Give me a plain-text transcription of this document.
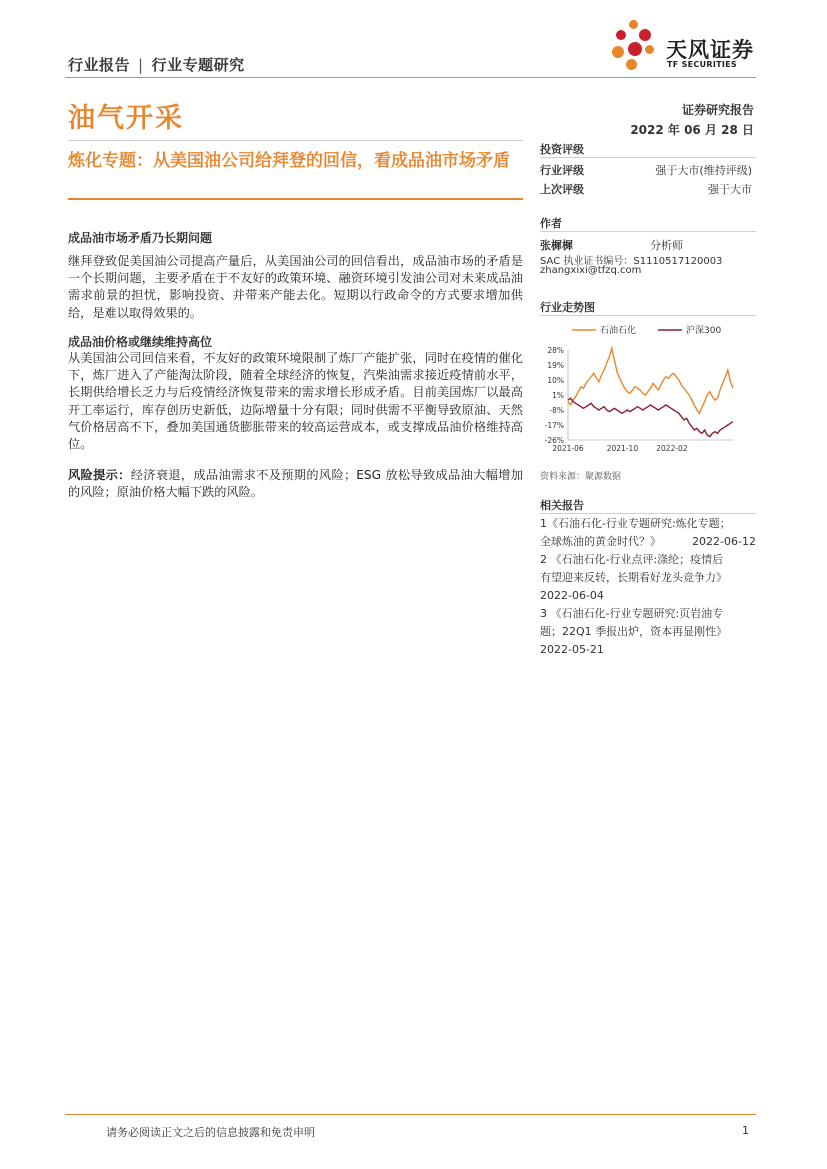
行业报告 | 行业专题研究
天风证券
TF SECURITIES
油气开采	证券研究报告
2022 年 06 月 28 日
炼化专题：从美国油公司给拜登的回信，看成品油市场矛盾
投资评级
行业评级	强于大市(维持评级)
上次评级	强于大市
作者
张樨樨	分析师
SAC 执业证书编号：S1110517120003
zhangxixi@tfzq.com
行业走势图
石油石化	沪深300
28%
19%
10%
1%
-8%
-17%
-26%
2021-06	2021-10 2022-02
资料来源：聚源数据
相关报告
1《石油石化-行业专题研究:炼化专题；
全球炼油的黄金时代？》	2022-06-12
2 《石油石化-行业点评:涤纶；疫情后
有望迎来反转，长期看好龙头竞争力》
2022-06-04
3 《石油石化-行业专题研究:页岩油专
题；22Q1 季报出炉，资本再显刚性》
2022-05-21
成品油市场矛盾乃长期问题
继拜登致促美国油公司提高产量后，从美国油公司的回信看出，成品油市场的矛盾是一个长期问题，主要矛盾在于不友好的政策环境、融资环境引发油公司对未来成品油需求前景的担忧，影响投资、并带来产能去化。短期以行政命令的方式要求增加供给，是难以取得效果的。
成品油价格或继续维持高位
从美国油公司回信来看，不友好的政策环境限制了炼厂产能扩张，同时在疫情的催化下，炼厂进入了产能淘汰阶段，随着全球经济的恢复，汽柴油需求接近疫情前水平，长期供给增长乏力与后疫情经济恢复带来的需求增长形成矛盾。目前美国炼厂以最高开工率运行，库存创历史新低，边际增量十分有限；同时供需不平衡导致原油、天然气价格居高不下，叠加美国通货膨胀带来的较高运营成本，或支撑成品油价格维持高位。
风险提示：经济衰退，成品油需求不及预期的风险；ESG 放松导致成品油大幅增加的风险；原油价格大幅下跌的风险。
请务必阅读正文之后的信息披露和免责申明	1
